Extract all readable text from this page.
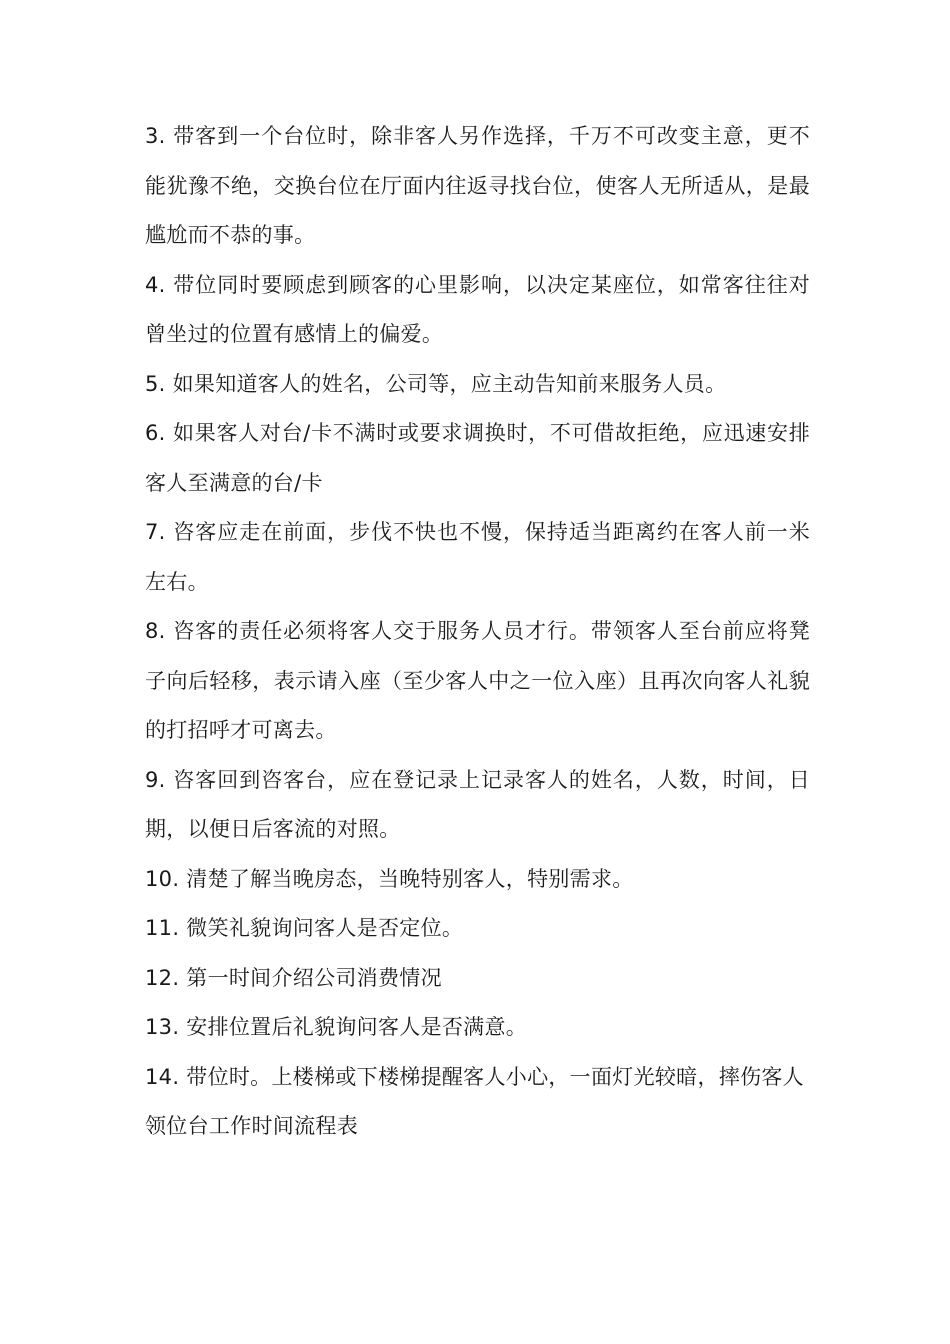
3. 带客到一个台位时，除非客人另作选择，千万不可改变主意，更不能犹豫不绝，交换台位在厅面内往返寻找台位，使客人无所适从，是最尴尬而不恭的事。

4. 带位同时要顾虑到顾客的心里影响，以决定某座位，如常客往往对曾坐过的位置有感情上的偏爱。

5. 如果知道客人的姓名，公司等，应主动告知前来服务人员。

6. 如果客人对台/卡不满时或要求调换时，不可借故拒绝，应迅速安排客人至满意的台/卡

7. 咨客应走在前面，步伐不快也不慢，保持适当距离约在客人前一米左右。

8. 咨客的责任必须将客人交于服务人员才行。带领客人至台前应将凳子向后轻移，表示请入座（至少客人中之一位入座）且再次向客人礼貌的打招呼才可离去。

9. 咨客回到咨客台，应在登记录上记录客人的姓名，人数，时间，日期，以便日后客流的对照。

10. 清楚了解当晚房态，当晚特别客人，特别需求。

11. 微笑礼貌询问客人是否定位。

12. 第一时间介绍公司消费情况

13. 安排位置后礼貌询问客人是否满意。

14. 带位时。上楼梯或下楼梯提醒客人小心，一面灯光较暗，摔伤客人

领位台工作时间流程表
